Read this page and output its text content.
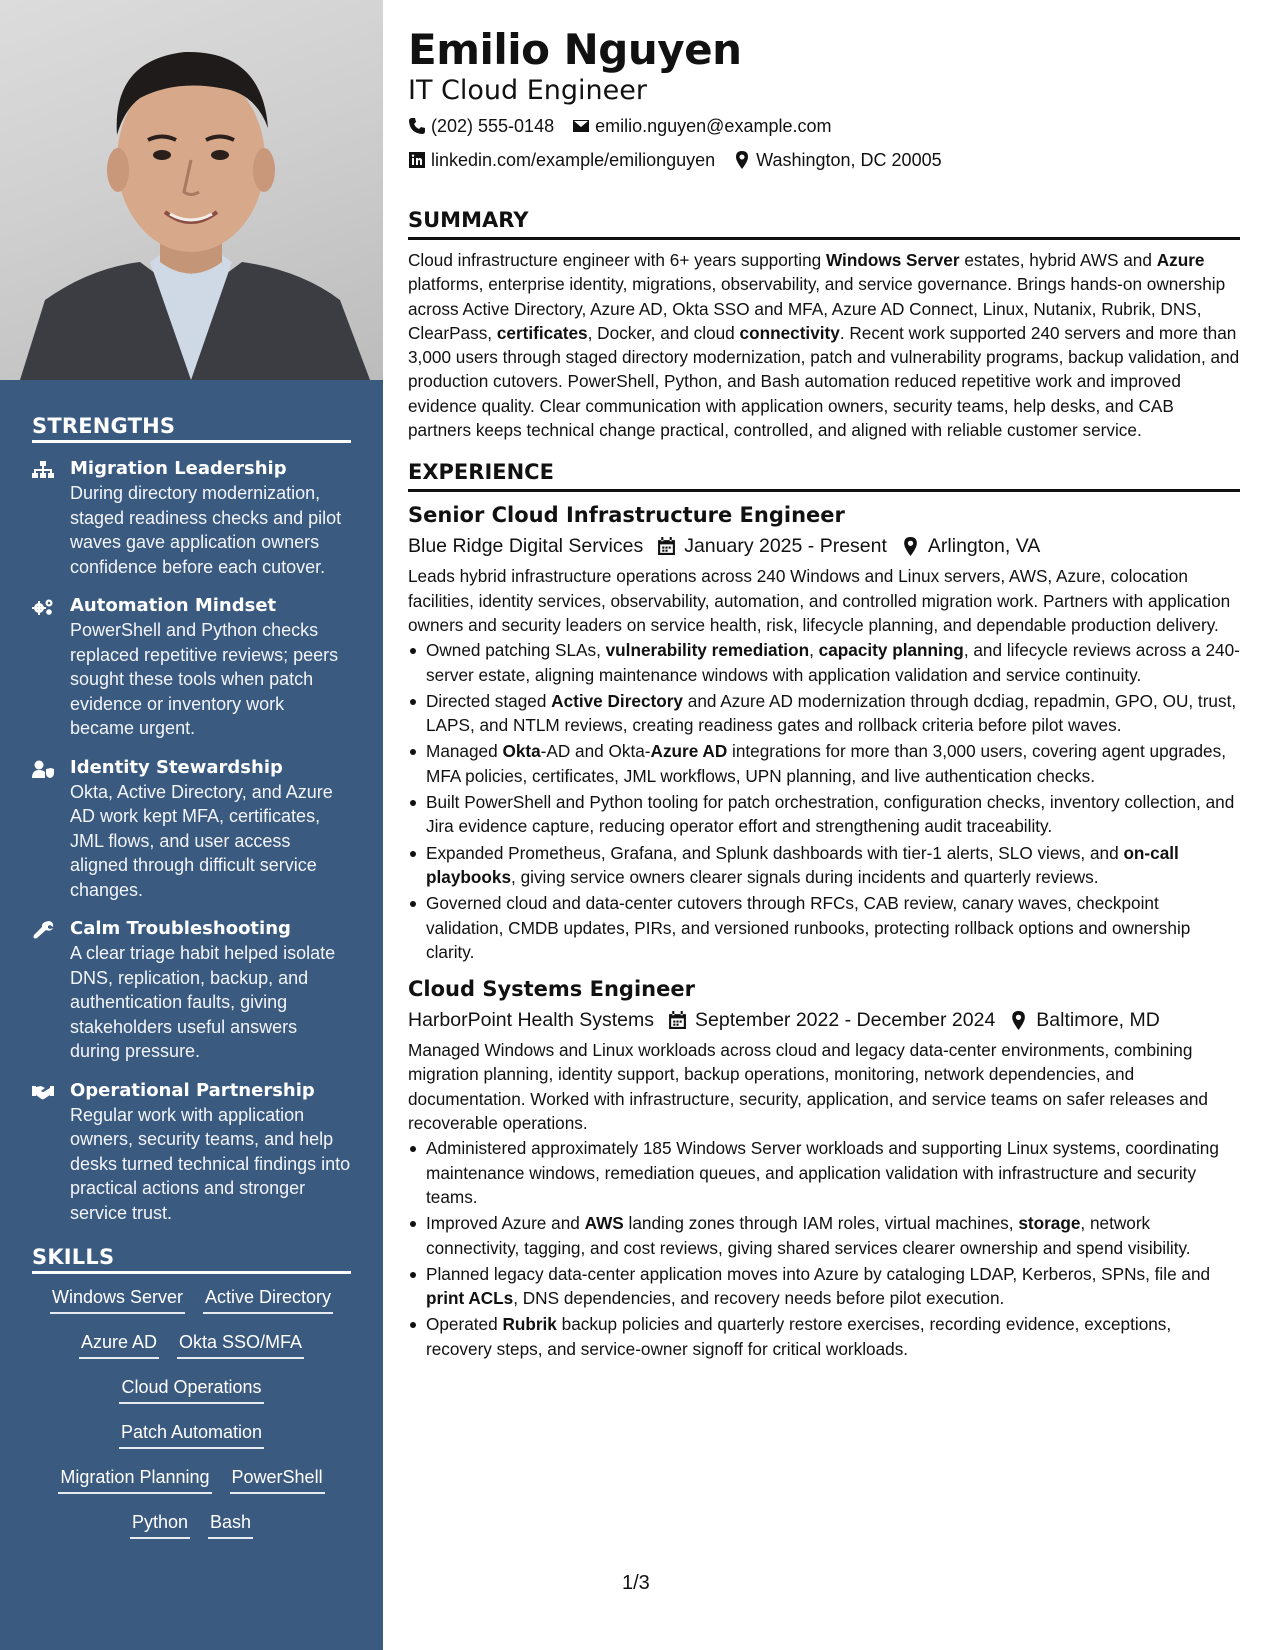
STRENGTHS
Migration Leadership
During directory modernization, staged readiness checks and pilot waves gave application owners confidence before each cutover.
Automation Mindset
PowerShell and Python checks replaced repetitive reviews; peers sought these tools when patch evidence or inventory work became urgent.
Identity Stewardship
Okta, Active Directory, and Azure AD work kept MFA, certificates, JML flows, and user access aligned through difficult service changes.
Calm Troubleshooting
A clear triage habit helped isolate DNS, replication, backup, and authentication faults, giving stakeholders useful answers during pressure.
Operational Partnership
Regular work with application owners, security teams, and help desks turned technical findings into practical actions and stronger service trust.
SKILLS
Windows Server Active Directory
Azure AD Okta SSO/MFA
Cloud Operations
Patch Automation
Migration Planning PowerShell
Python Bash
Emilio Nguyen
IT Cloud Engineer
(202) 555-0148 emilio.nguyen@example.com
linkedin.com/example/emilionguyen Washington, DC 20005
SUMMARY

Cloud infrastructure engineer with 6+ years supporting Windows Server estates, hybrid AWS and Azure platforms, enterprise identity, migrations, observability, and service governance. Brings hands-on ownership across Active Directory, Azure AD, Okta SSO and MFA, Azure AD Connect, Linux, Nutanix, Rubrik, DNS, ClearPass, certificates, Docker, and cloud connectivity. Recent work supported 240 servers and more than 3,000 users through staged directory modernization, patch and vulnerability programs, backup validation, and production cutovers. PowerShell, Python, and Bash automation reduced repetitive work and improved evidence quality. Clear communication with application owners, security teams, help desks, and CAB partners keeps technical change practical, controlled, and aligned with reliable customer service.

EXPERIENCE
Senior Cloud Infrastructure Engineer
Blue Ridge Digital Services January 2025 - Present Arlington, VA

Leads hybrid infrastructure operations across 240 Windows and Linux servers, AWS, Azure, colocation facilities, identity services, observability, automation, and controlled migration work. Partners with application owners and security leaders on service health, risk, lifecycle planning, and dependable production delivery.

Owned patching SLAs, vulnerability remediation, capacity planning, and lifecycle reviews across a 240-server estate, aligning maintenance windows with application validation and service continuity.
Directed staged Active Directory and Azure AD modernization through dcdiag, repadmin, GPO, OU, trust, LAPS, and NTLM reviews, creating readiness gates and rollback criteria before pilot waves.
Managed Okta-AD and Okta-Azure AD integrations for more than 3,000 users, covering agent upgrades, MFA policies, certificates, JML workflows, UPN planning, and live authentication checks.
Built PowerShell and Python tooling for patch orchestration, configuration checks, inventory collection, and Jira evidence capture, reducing operator effort and strengthening audit traceability.
Expanded Prometheus, Grafana, and Splunk dashboards with tier-1 alerts, SLO views, and on-call playbooks, giving service owners clearer signals during incidents and quarterly reviews.
Governed cloud and data-center cutovers through RFCs, CAB review, canary waves, checkpoint validation, CMDB updates, PIRs, and versioned runbooks, protecting rollback options and ownership clarity.
Cloud Systems Engineer
HarborPoint Health Systems September 2022 - December 2024 Baltimore, MD

Managed Windows and Linux workloads across cloud and legacy data-center environments, combining migration planning, identity support, backup operations, monitoring, network dependencies, and documentation. Worked with infrastructure, security, application, and service teams on safer releases and recoverable operations.

Administered approximately 185 Windows Server workloads and supporting Linux systems, coordinating maintenance windows, remediation queues, and application validation with infrastructure and security teams.
Improved Azure and AWS landing zones through IAM roles, virtual machines, storage, network connectivity, tagging, and cost reviews, giving shared services clearer ownership and spend visibility.
Planned legacy data-center application moves into Azure by cataloging LDAP, Kerberos, SPNs, file and print ACLs, DNS dependencies, and recovery needs before pilot execution.
Operated Rubrik backup policies and quarterly restore exercises, recording evidence, exceptions, recovery steps, and service-owner signoff for critical workloads.
1/3
